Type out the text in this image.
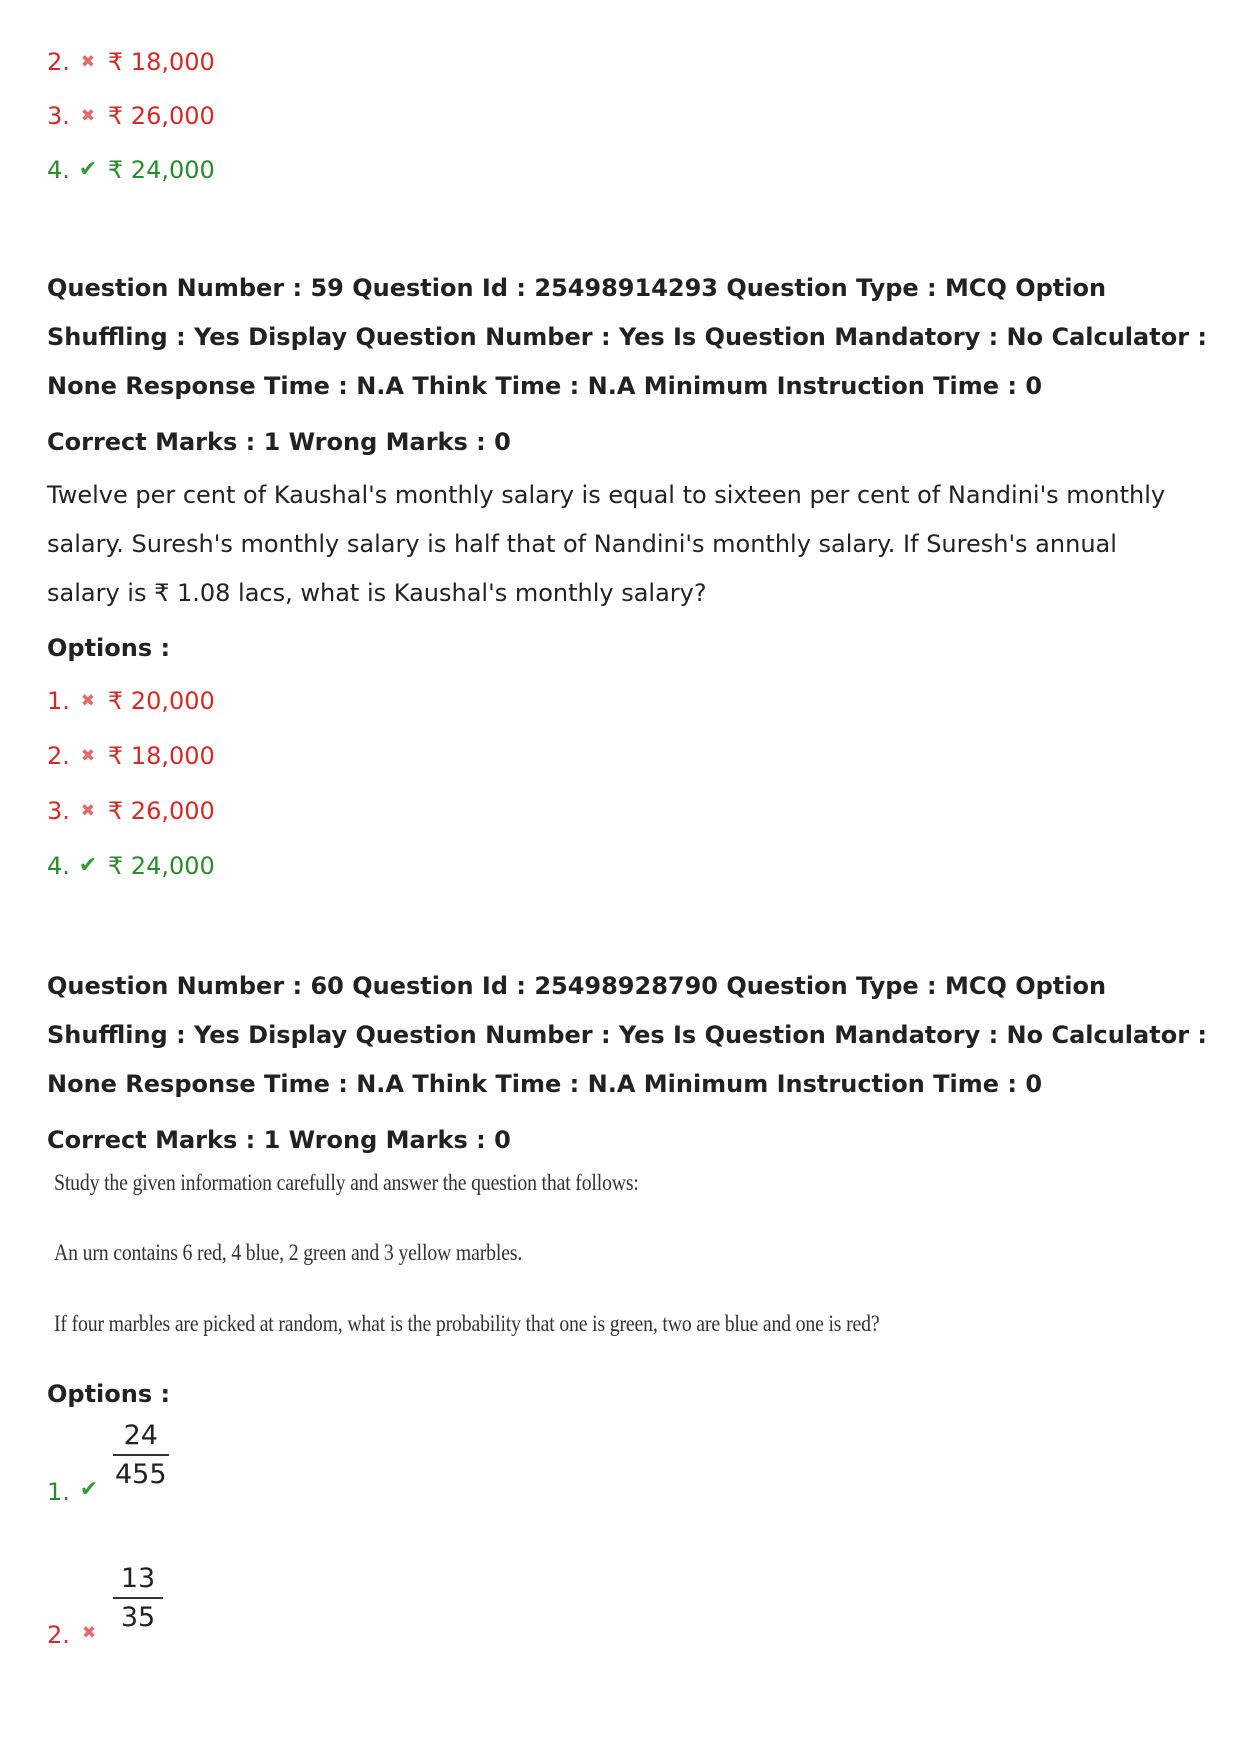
2. ✖ ₹ 18,000
3. ✖ ₹ 26,000
4. ✔ ₹ 24,000
Question Number : 59 Question Id : 25498914293 Question Type : MCQ Option Shuffling : Yes Display Question Number : Yes Is Question Mandatory : No Calculator : None Response Time : N.A Think Time : N.A Minimum Instruction Time : 0
Correct Marks : 1 Wrong Marks : 0
Twelve per cent of Kaushal's monthly salary is equal to sixteen per cent of Nandini's monthly salary. Suresh's monthly salary is half that of Nandini's monthly salary. If Suresh's annual salary is ₹ 1.08 lacs, what is Kaushal's monthly salary?
Options :
1. ✖ ₹ 20,000
2. ✖ ₹ 18,000
3. ✖ ₹ 26,000
4. ✔ ₹ 24,000
Question Number : 60 Question Id : 25498928790 Question Type : MCQ Option Shuffling : Yes Display Question Number : Yes Is Question Mandatory : No Calculator : None Response Time : N.A Think Time : N.A Minimum Instruction Time : 0
Correct Marks : 1 Wrong Marks : 0
Study the given information carefully and answer the question that follows:
An urn contains 6 red, 4 blue, 2 green and 3 yellow marbles.
If four marbles are picked at random, what is the probability that one is green, two are blue and one is red?
Options :
1. ✔
24
455
2. ✖
13
35
